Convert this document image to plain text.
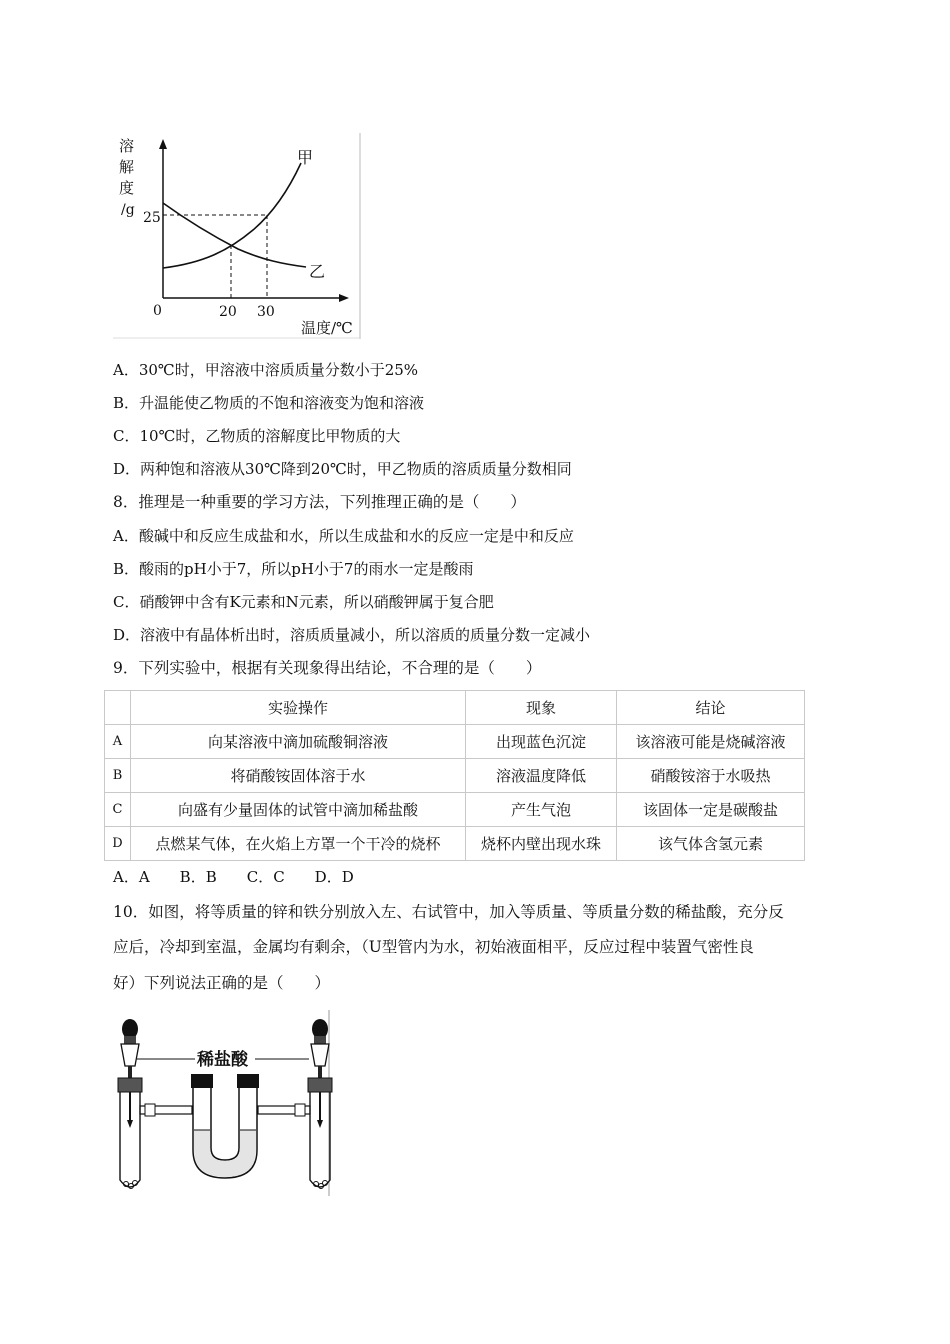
溶
解
度
/g 25
0	20 30
温度/℃
甲
乙
A．30℃时，甲溶液中溶质质量分数小于25%
B．升温能使乙物质的不饱和溶液变为饱和溶液
C．10℃时，乙物质的溶解度比甲物质的大
D．两种饱和溶液从30℃降到20℃时，甲乙物质的溶质质量分数相同
8．推理是一种重要的学习方法，下列推理正确的是（　　）
A．酸碱中和反应生成盐和水，所以生成盐和水的反应一定是中和反应
B．酸雨的pH小于7，所以pH小于7的雨水一定是酸雨
C．硝酸钾中含有K元素和N元素，所以硝酸钾属于复合肥
D．溶液中有晶体析出时，溶质质量减小，所以溶质的质量分数一定减小
9．下列实验中，根据有关现象得出结论，不合理的是（　　）
	实验操作	现象	结论
A	向某溶液中滴加硫酸铜溶液	出现蓝色沉淀	该溶液可能是烧碱溶液
B	将硝酸铵固体溶于水	溶液温度降低	硝酸铵溶于水吸热
C	向盛有少量固体的试管中滴加稀盐酸	产生气泡	该固体一定是碳酸盐
D	点燃某气体，在火焰上方罩一个干冷的烧杯	烧杯内壁出现水珠	该气体含氢元素
A．A　　B．B　　C．C　　D．D
10．如图，将等质量的锌和铁分别放入左、右试管中，加入等质量、等质量分数的稀盐酸，充分反
应后，冷却到室温，金属均有剩余，（U型管内为水，初始液面相平，反应过程中装置气密性良
好）下列说法正确的是（　　）
稀盐酸
